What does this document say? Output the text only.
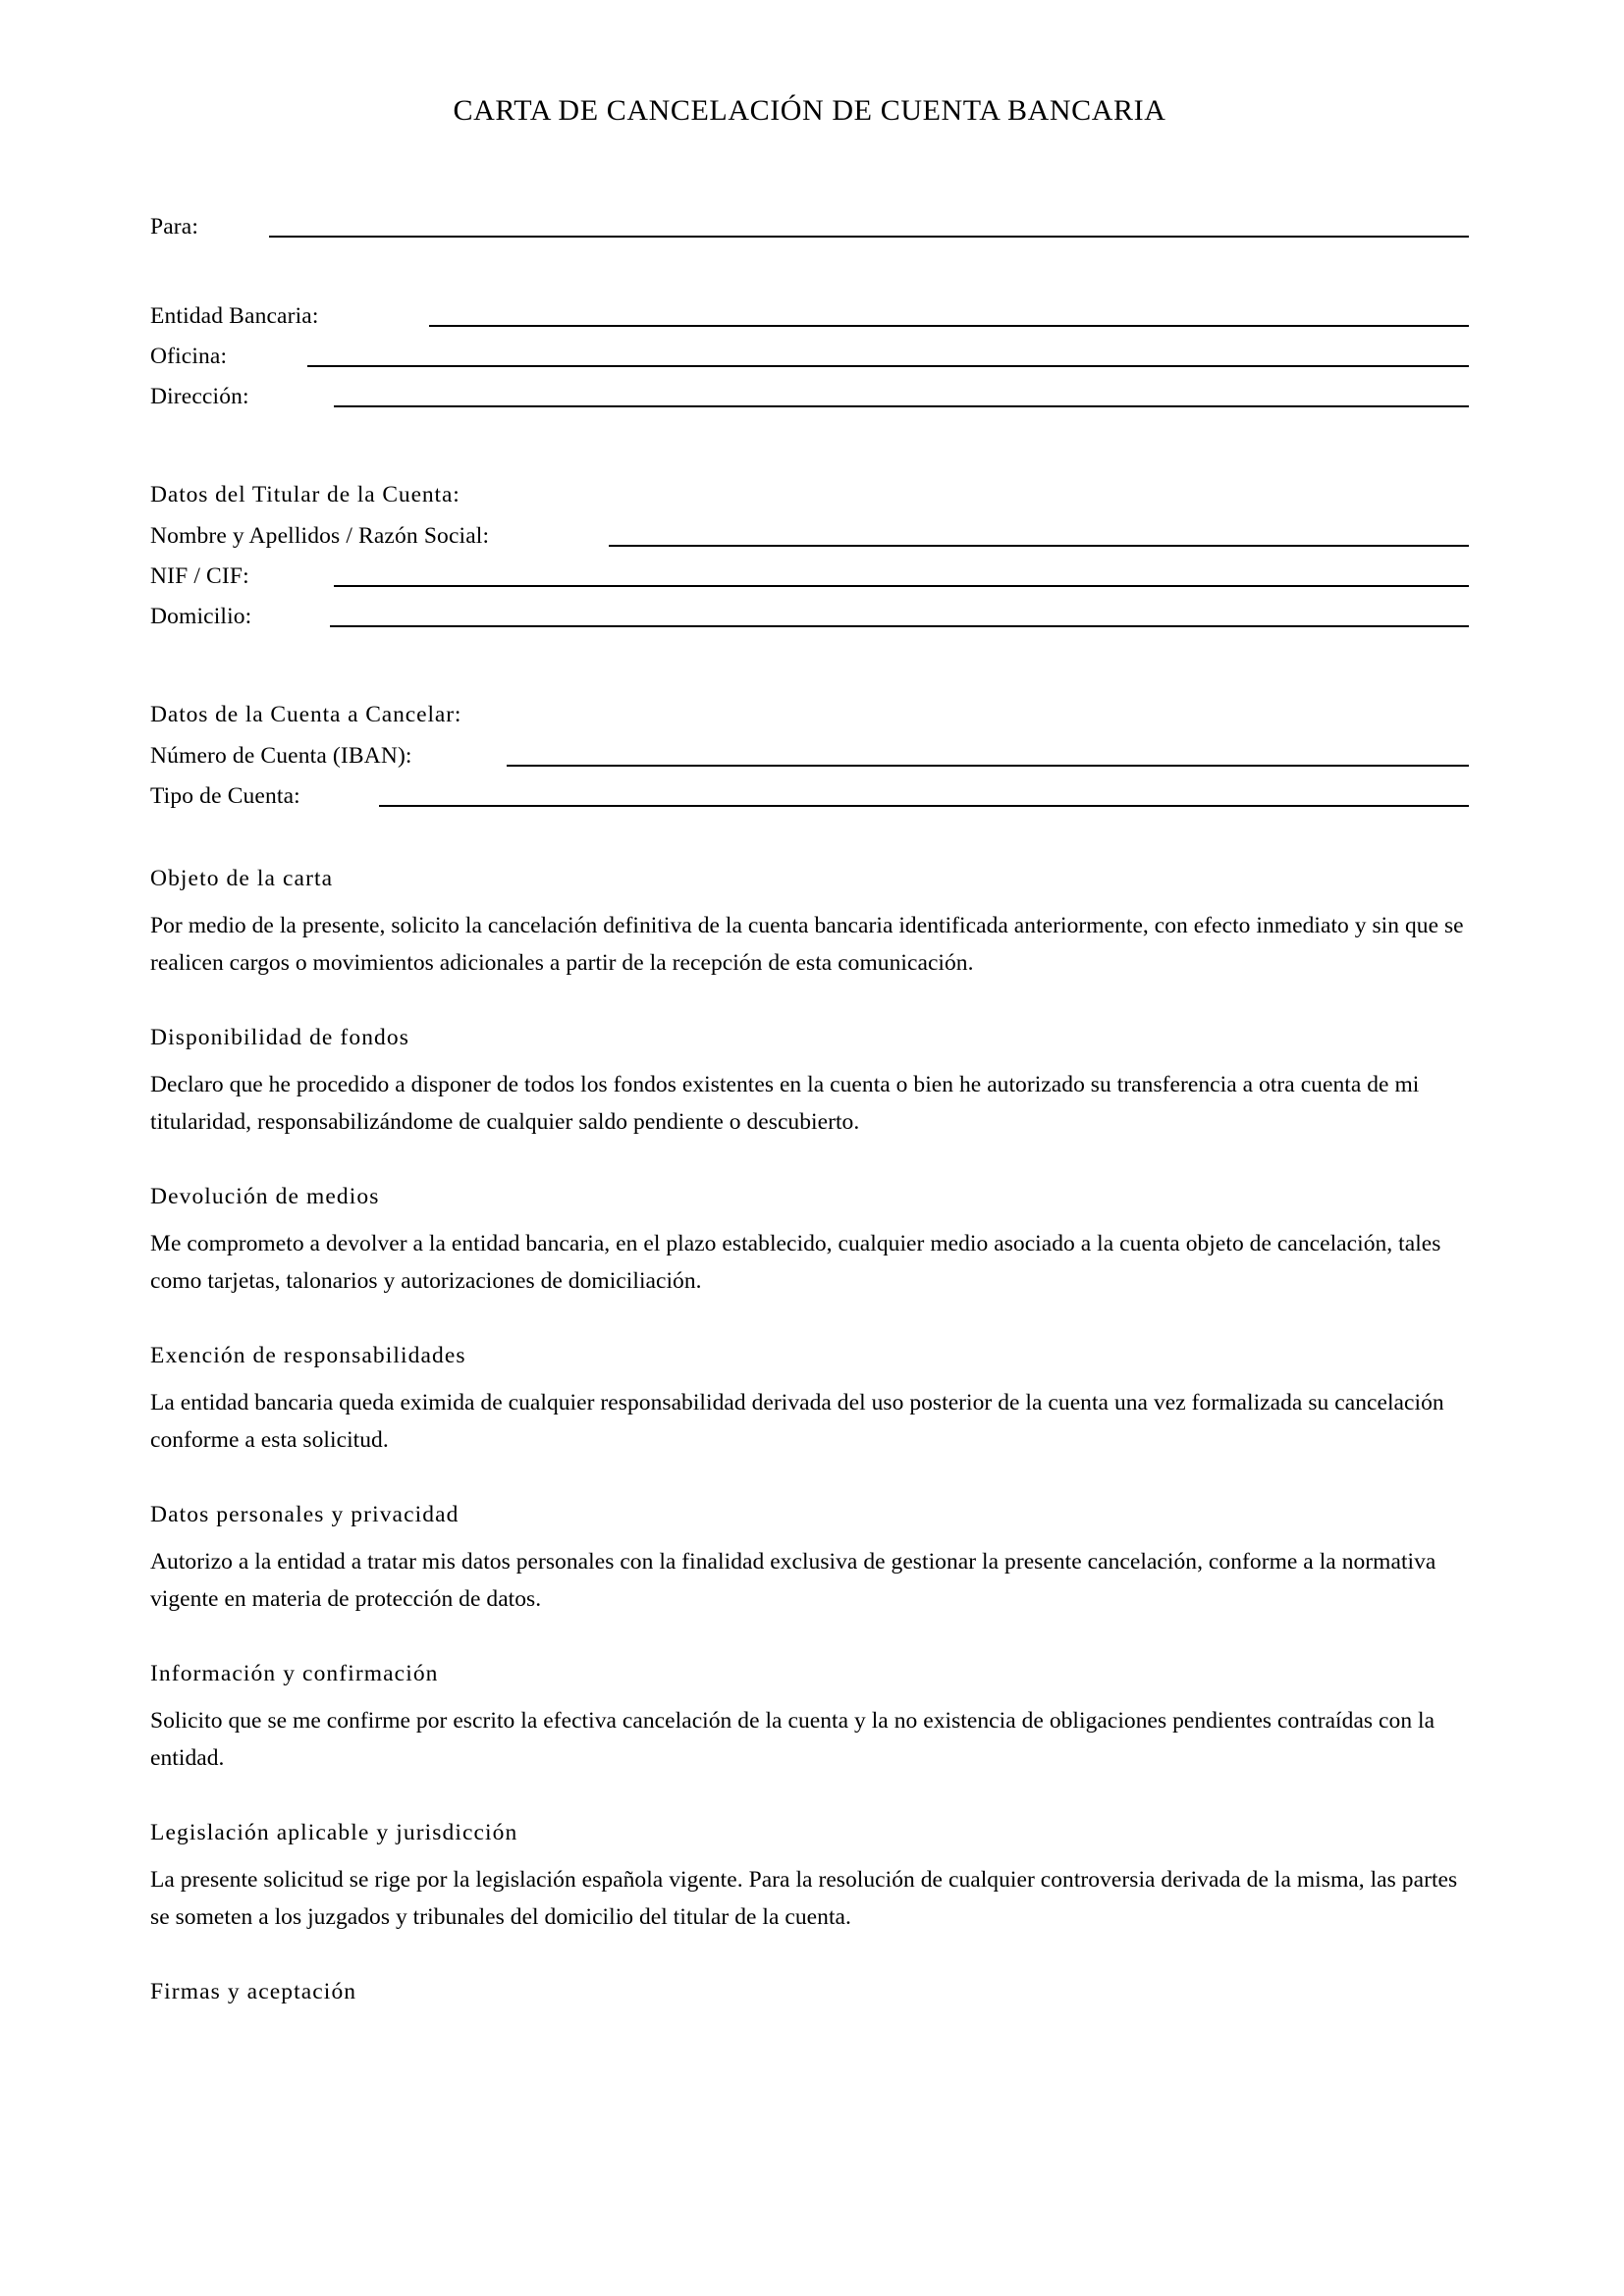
CARTA DE CANCELACIÓN DE CUENTA BANCARIA
Para:
Entidad Bancaria:
Oficina:
Dirección:
Datos del Titular de la Cuenta:
Nombre y Apellidos / Razón Social:
NIF / CIF:
Domicilio:
Datos de la Cuenta a Cancelar:
Número de Cuenta (IBAN):
Tipo de Cuenta:

Objeto de la carta

Por medio de la presente, solicito la cancelación definitiva de la cuenta bancaria identificada anteriormente, con efecto inmediato y sin que se realicen cargos o movimientos adicionales a partir de la recepción de esta comunicación.

Disponibilidad de fondos

Declaro que he procedido a disponer de todos los fondos existentes en la cuenta o bien he autorizado su transferencia a otra cuenta de mi titularidad, responsabilizándome de cualquier saldo pendiente o descubierto.

Devolución de medios

Me comprometo a devolver a la entidad bancaria, en el plazo establecido, cualquier medio asociado a la cuenta objeto de cancelación, tales como tarjetas, talonarios y autorizaciones de domiciliación.

Exención de responsabilidades

La entidad bancaria queda eximida de cualquier responsabilidad derivada del uso posterior de la cuenta una vez formalizada su cancelación conforme a esta solicitud.

Datos personales y privacidad

Autorizo a la entidad a tratar mis datos personales con la finalidad exclusiva de gestionar la presente cancelación, conforme a la normativa vigente en materia de protección de datos.

Información y confirmación

Solicito que se me confirme por escrito la efectiva cancelación de la cuenta y la no existencia de obligaciones pendientes contraídas con la entidad.

Legislación aplicable y jurisdicción

La presente solicitud se rige por la legislación española vigente. Para la resolución de cualquier controversia derivada de la misma, las partes se someten a los juzgados y tribunales del domicilio del titular de la cuenta.

Firmas y aceptación
